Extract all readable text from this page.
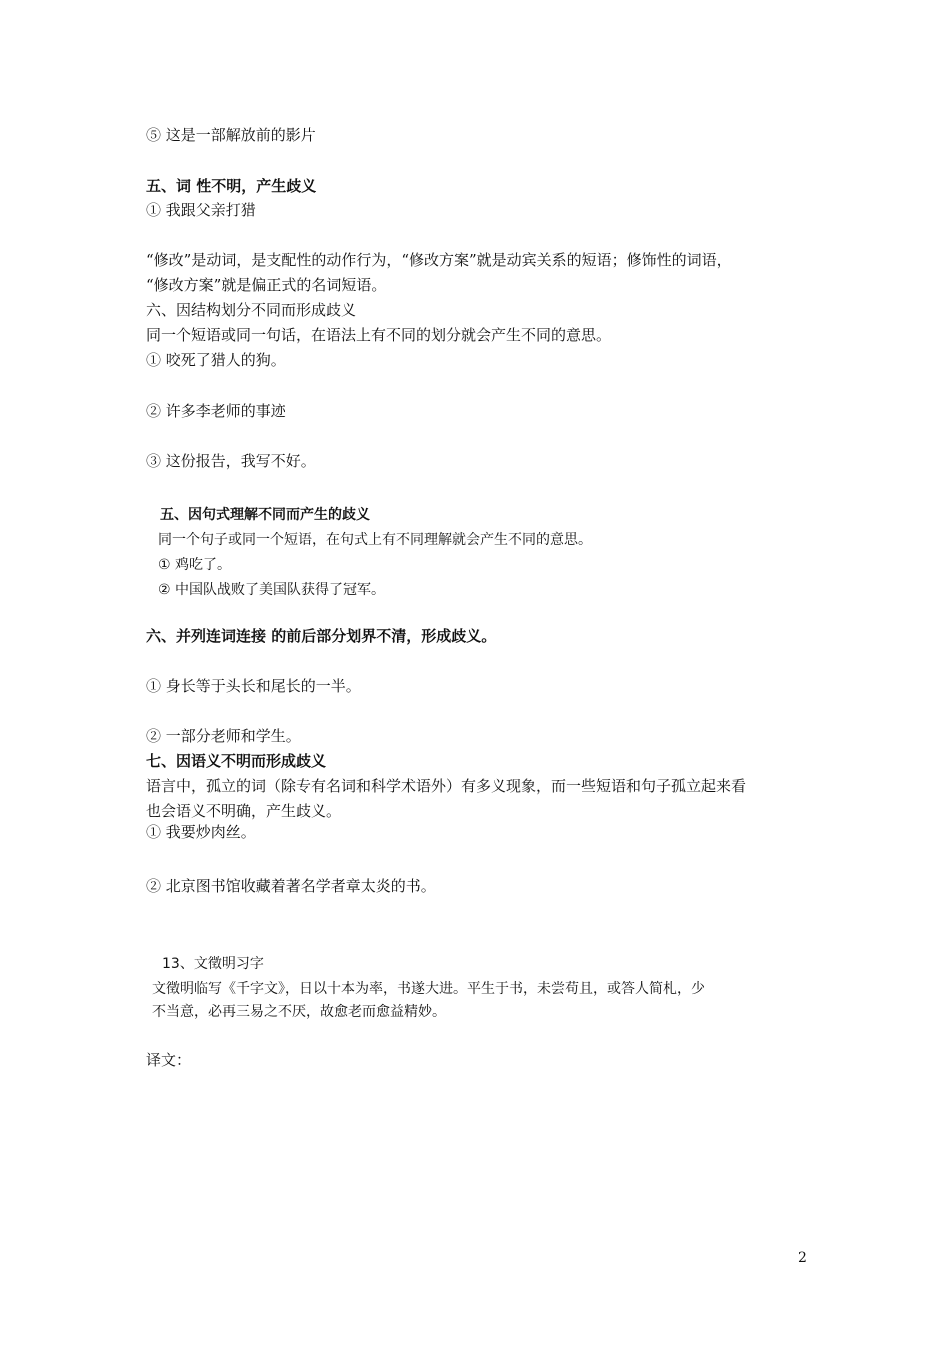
⑤ 这是一部解放前的影片

五、词 性不明，产生歧义

① 我跟父亲打猎

“修改”是动词，是支配性的动作行为，“修改方案”就是动宾关系的短语；修饰性的词语，

“修改方案”就是偏正式的名词短语。

六、因结构划分不同而形成歧义

同一个短语或同一句话，在语法上有不同的划分就会产生不同的意思。

① 咬死了猎人的狗。

② 许多李老师的事迹

③ 这份报告，我写不好。

五、因句式理解不同而产生的歧义

同一个句子或同一个短语，在句式上有不同理解就会产生不同的意思。

① 鸡吃了。

② 中国队战败了美国队获得了冠军。

六、并列连词连接 的前后部分划界不清，形成歧义。

① 身长等于头长和尾长的一半。

② 一部分老师和学生。

七、因语义不明而形成歧义

语言中，孤立的词（除专有名词和科学术语外）有多义现象，而一些短语和句子孤立起来看

也会语义不明确，产生歧义。

① 我要炒肉丝。

② 北京图书馆收藏着著名学者章太炎的书。

13、文徵明习字

文徵明临写《千字文》，日以十本为率，书遂大进。平生于书，未尝苟且，或答人简札，少

不当意，必再三易之不厌，故愈老而愈益精妙。

译文：

2
